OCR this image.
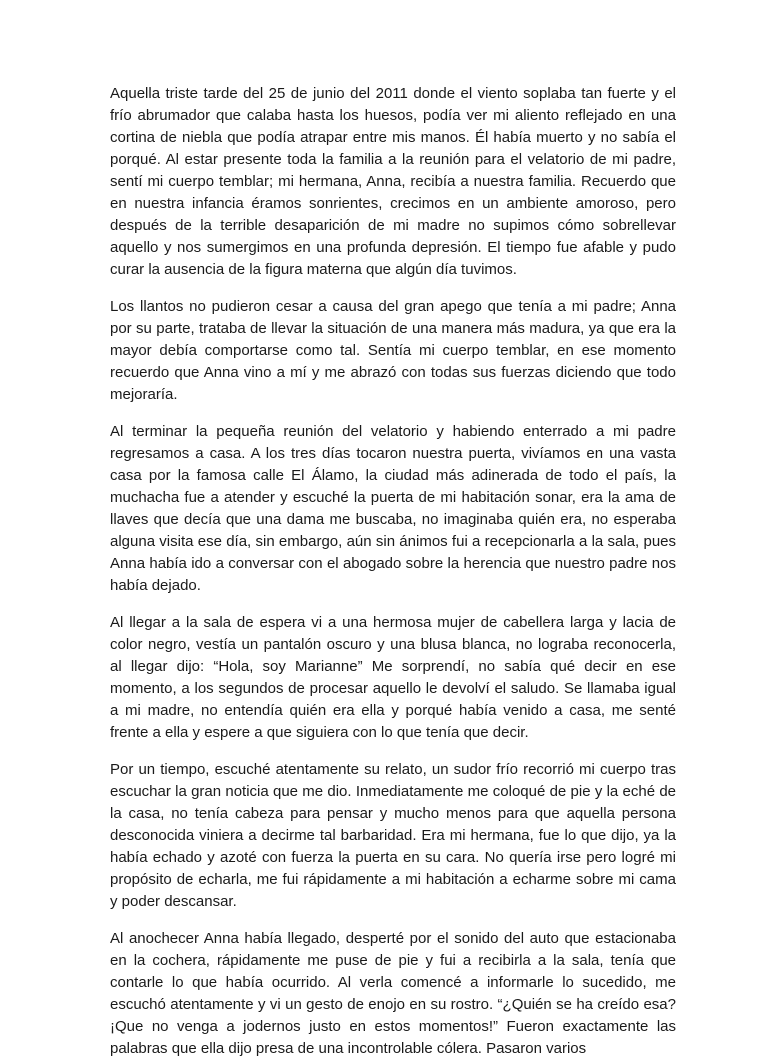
Aquella triste tarde del 25 de junio del 2011 donde el viento soplaba tan fuerte y el frío abrumador que calaba hasta los huesos, podía ver mi aliento reflejado en una cortina de niebla que podía atrapar entre mis manos. Él había muerto y no sabía el porqué. Al estar presente toda la familia a la reunión para el velatorio de mi padre, sentí mi cuerpo temblar; mi hermana, Anna, recibía a nuestra familia. Recuerdo que en nuestra infancia éramos sonrientes, crecimos en un ambiente amoroso, pero después de la terrible desaparición de mi madre no supimos cómo sobrellevar aquello y nos sumergimos en una profunda depresión. El tiempo fue afable y pudo curar la ausencia de la figura materna que algún día tuvimos.

Los llantos no pudieron cesar a causa del gran apego que tenía a mi padre; Anna por su parte, trataba de llevar la situación de una manera más madura, ya que era la mayor debía comportarse como tal. Sentía mi cuerpo temblar, en ese momento recuerdo que Anna vino a mí y me abrazó con todas sus fuerzas diciendo que todo mejoraría.

Al terminar la pequeña reunión del velatorio y habiendo enterrado a mi padre regresamos a casa. A los tres días tocaron nuestra puerta, vivíamos en una vasta casa por la famosa calle El Álamo, la ciudad más adinerada de todo el país, la muchacha fue a atender y escuché la puerta de mi habitación sonar, era la ama de llaves que decía que una dama me buscaba, no imaginaba quién era, no esperaba alguna visita ese día, sin embargo, aún sin ánimos fui a recepcionarla a la sala, pues Anna había ido a conversar con el abogado sobre la herencia que nuestro padre nos había dejado.

Al llegar a la sala de espera vi a una hermosa mujer de cabellera larga y lacia de color negro, vestía un pantalón oscuro y una blusa blanca, no lograba reconocerla, al llegar dijo: “Hola, soy Marianne” Me sorprendí, no sabía qué decir en ese momento, a los segundos de procesar aquello le devolví el saludo. Se llamaba igual a mi madre, no entendía quién era ella y porqué había venido a casa, me senté frente a ella y espere a que siguiera con lo que tenía que decir.

Por un tiempo, escuché atentamente su relato, un sudor frío recorrió mi cuerpo tras escuchar la gran noticia que me dio. Inmediatamente me coloqué de pie y la eché de la casa, no tenía cabeza para pensar y mucho menos para que aquella persona desconocida viniera a decirme tal barbaridad. Era mi hermana, fue lo que dijo, ya la había echado y azoté con fuerza la puerta en su cara. No quería irse pero logré mi propósito de echarla, me fui rápidamente a mi habitación a echarme sobre mi cama y poder descansar.

Al anochecer Anna había llegado, desperté por el sonido del auto que estacionaba en la cochera, rápidamente me puse de pie y fui a recibirla a la sala, tenía que contarle lo que había ocurrido. Al verla comencé a informarle lo sucedido, me escuchó atentamente y vi un gesto de enojo en su rostro. “¿Quién se ha creído esa? ¡Que no venga a jodernos justo en estos momentos!” Fueron exactamente las palabras que ella dijo presa de una incontrolable cólera. Pasaron varios
